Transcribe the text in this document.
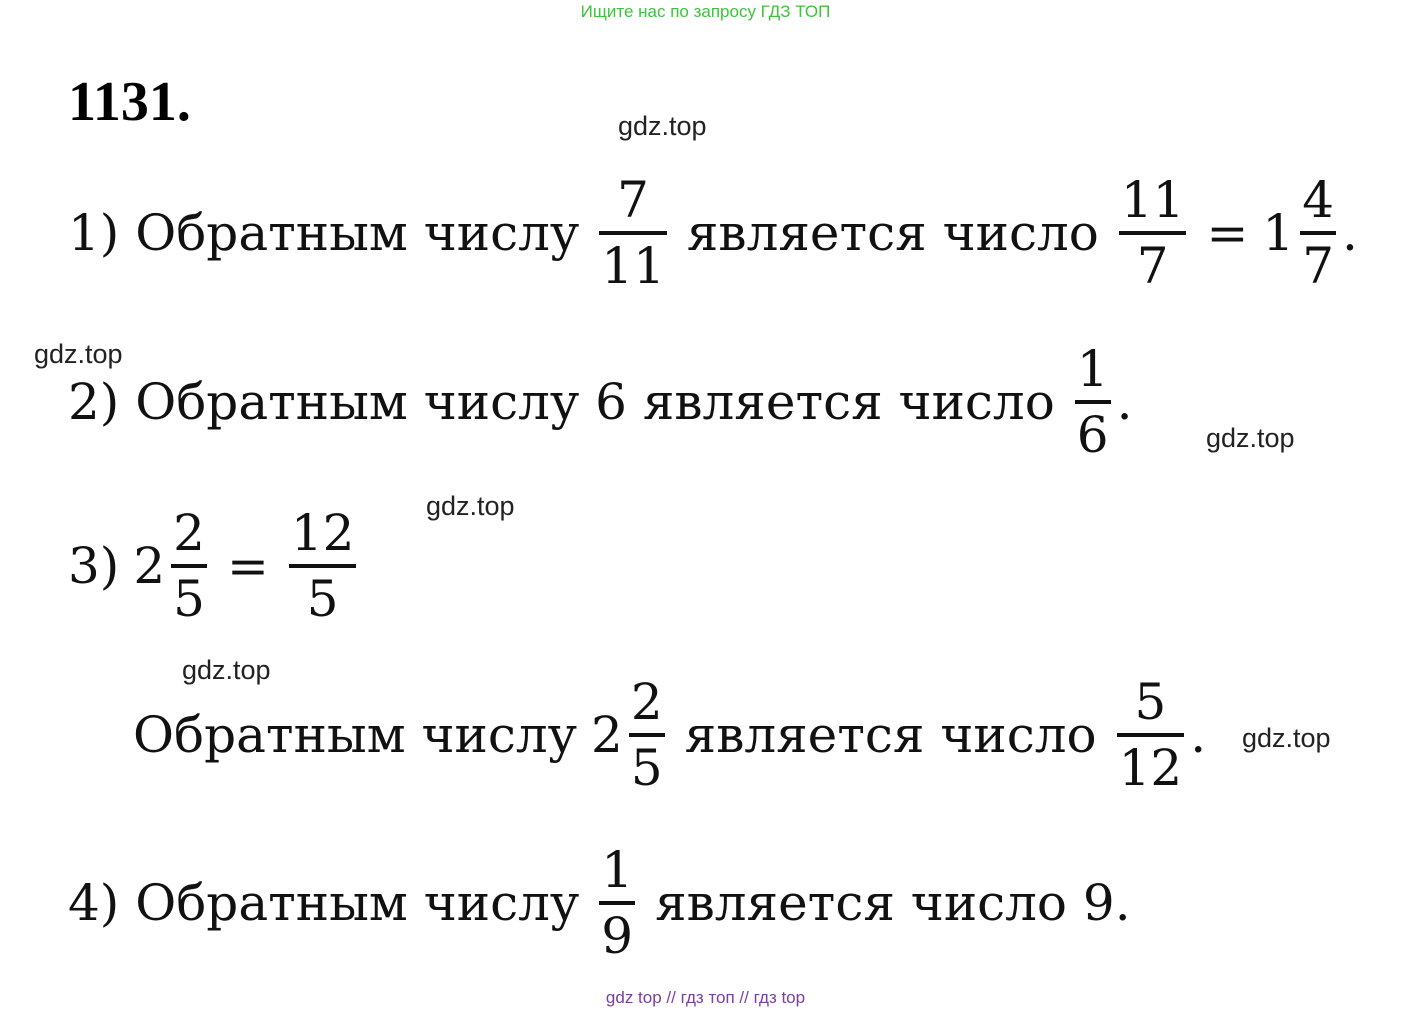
Ищите нас по запросу ГДЗ ТОП
1131.	gdz.top
gdz.top
gdz.top
gdz.top
gdz.top
gdz.top
1) Обратным числу $\frac{7}{11}$ является число $\frac{11}{7} = 1 \frac{4}{7}$ .
2) Обратным числу 6 является число $\frac{1}{6}$ .
3) $2 \frac{2}{5} = \frac{12}{5}$
Обратным числу $2 \frac{2}{5}$ является число $\frac{5}{12}$ .
4) Обратным числу $\frac{1}{9}$ является число 9.
gdz top // гдз топ // гдз top
